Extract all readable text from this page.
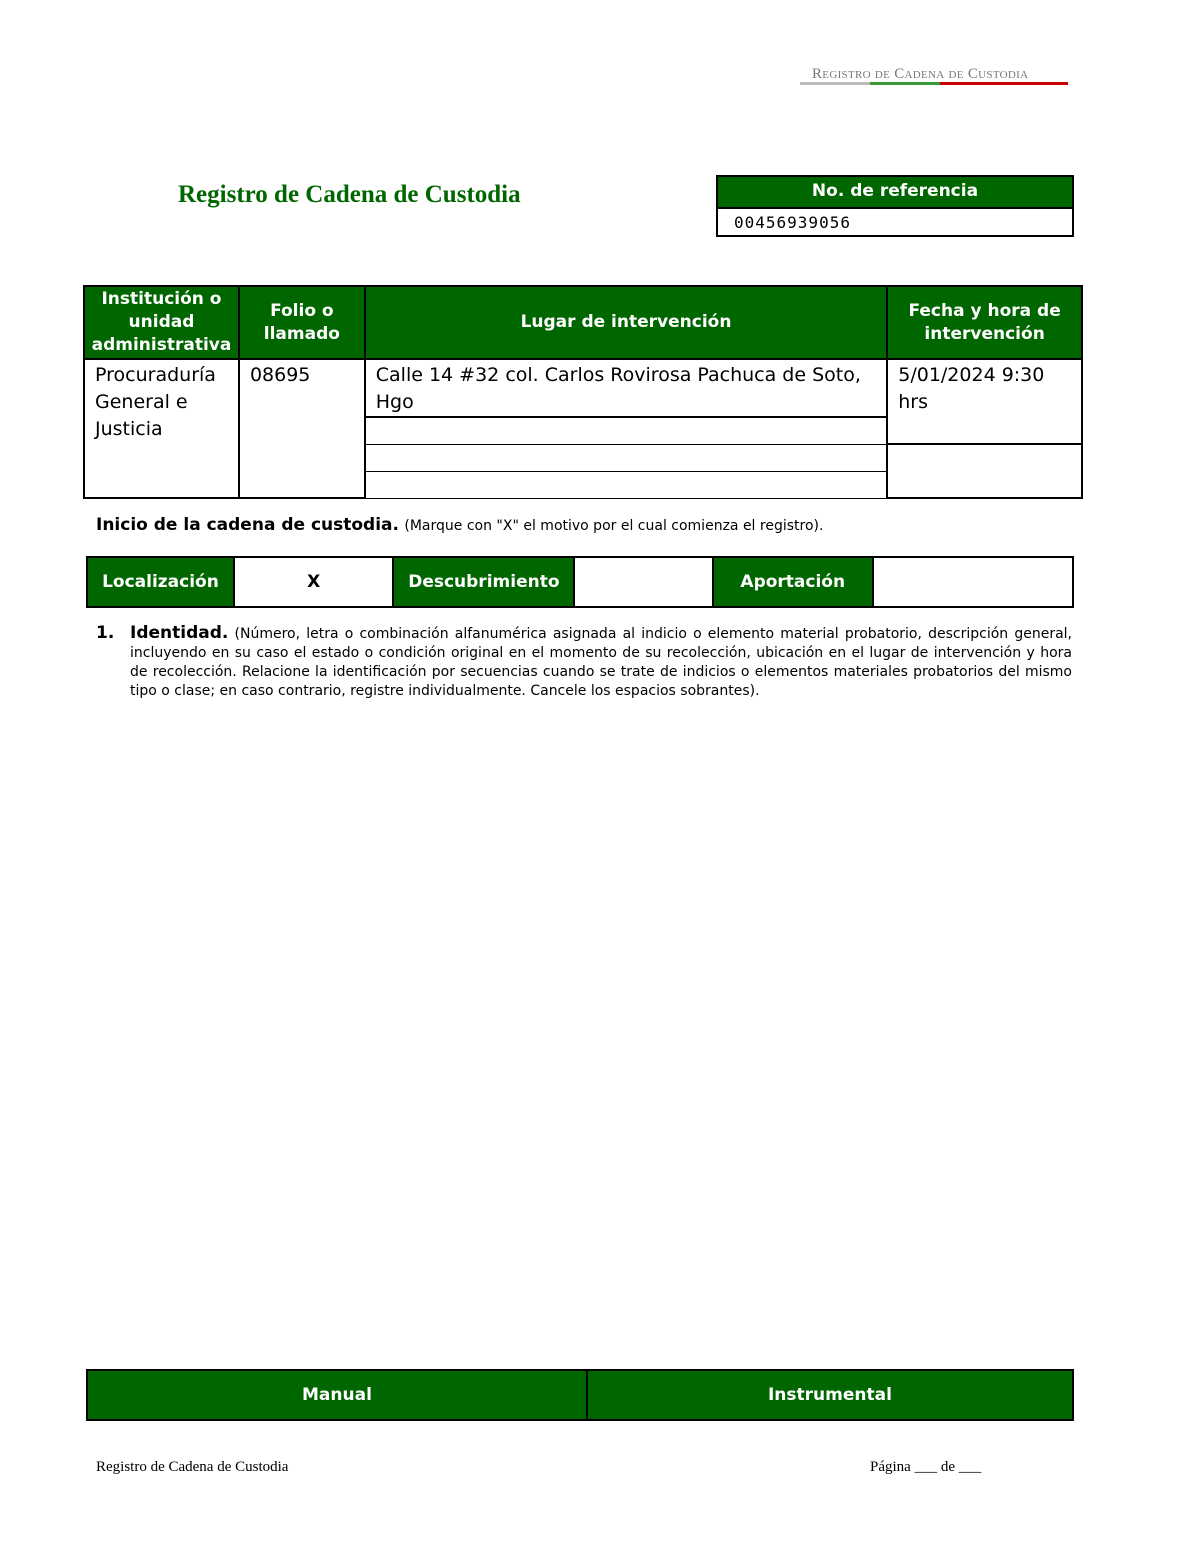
Registro de Cadena de Custodia
Registro de Cadena de Custodia	No. de referencia
00456939056
Institución o unidad administrativa	Folio o llamado	Lugar de intervención	Fecha y hora de intervención
Procuraduría General e Justicia	08695	Calle 14 #32 col. Carlos Rovirosa Pachuca de Soto, Hgo	5/01/2024 9:30 hrs

Inicio de la cadena de custodia. (Marque con "X" el motivo por el cual comienza el registro).
Localización	X	Descubrimiento		Aportación	
1. Identidad. (Número, letra o combinación alfanumérica asignada al indicio o elemento material probatorio, descripción general, incluyendo en su caso el estado o condición original en el momento de su recolección, ubicación en el lugar de intervención y hora de recolección. Relacione la identificación por secuencias cuando se trate de indicios o elementos materiales probatorios del mismo tipo o clase; en caso contrario, registre individualmente. Cancele los espacios sobrantes).
Manual	Instrumental
Registro de Cadena de Custodia	Página ___ de ___
